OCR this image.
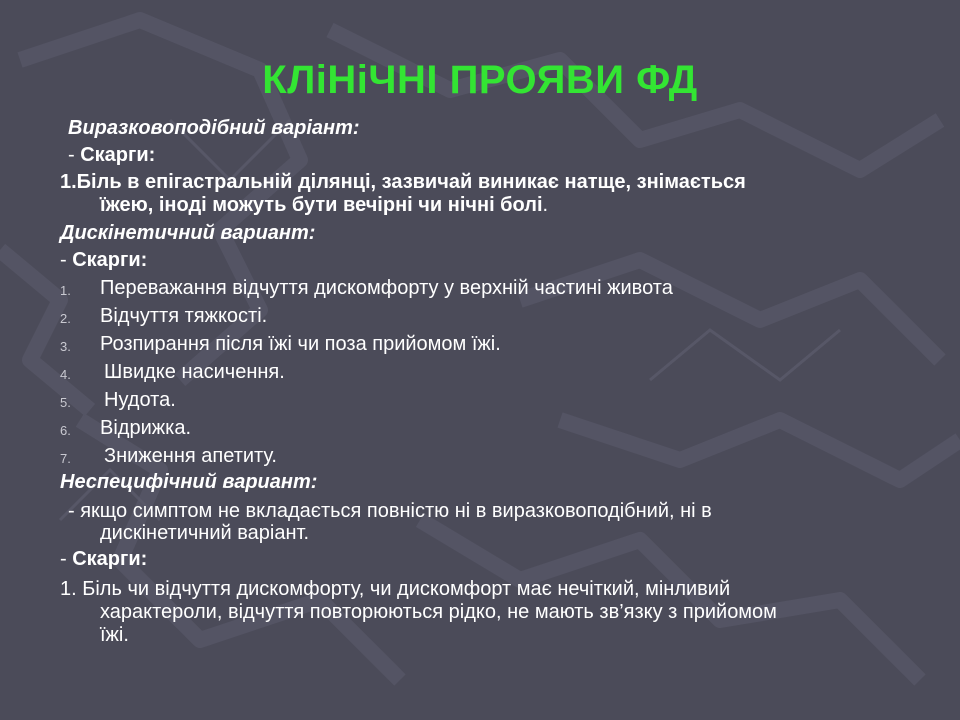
КЛіНіЧНІ ПРОЯВИ ФД
Виразковоподібний варіант:
- Скарги:
1.Біль в епігастральній ділянці, зазвичай виникає натще, знімається
їжею, іноді можуть бути вечірні чи нічні болі.
Дискінетичний вариант:
- Скарги:
1.	Переважання відчуття дискомфорту у верхній частині живота
2.	Відчуття тяжкості.
3.	Розпирання після їжі чи поза прийомом їжі.
4.	Швидке насичення.
5.	Нудота.
6.	Відрижка.
7.	Зниження апетиту.
Неспецифічний вариант:
- якщо симптом не вкладається повністю ні в виразковоподібний, ні в
дискінетичний варіант.
- Скарги:
1. Біль чи відчуття дискомфорту, чи дискомфорт має нечіткий, мінливий
характероли, відчуття повторюються рідко, не мають зв’язку з прийомом
їжі.
